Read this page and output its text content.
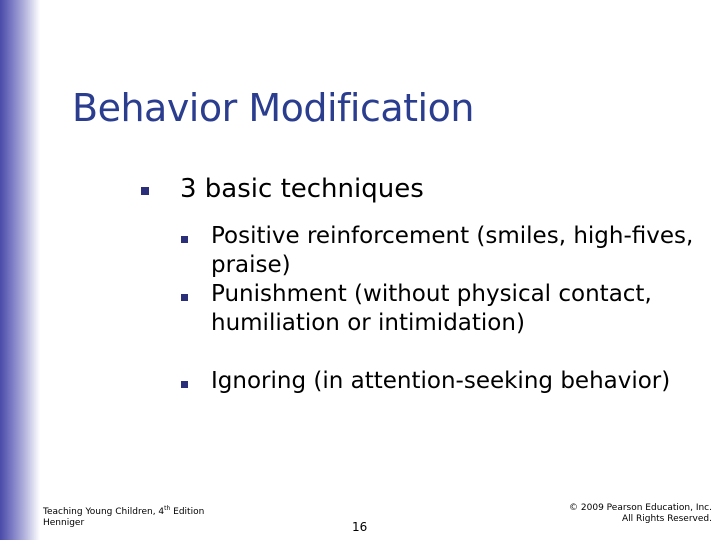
Behavior Modification
3 basic techniques
Positive reinforcement (smiles, high-fives, praise)
Punishment (without physical contact, humiliation or intimidation)
Ignoring (in attention-seeking behavior)
Teaching Young Children, 4th Edition
Henniger	16
© 2009 Pearson Education, Inc.
All Rights Reserved.
